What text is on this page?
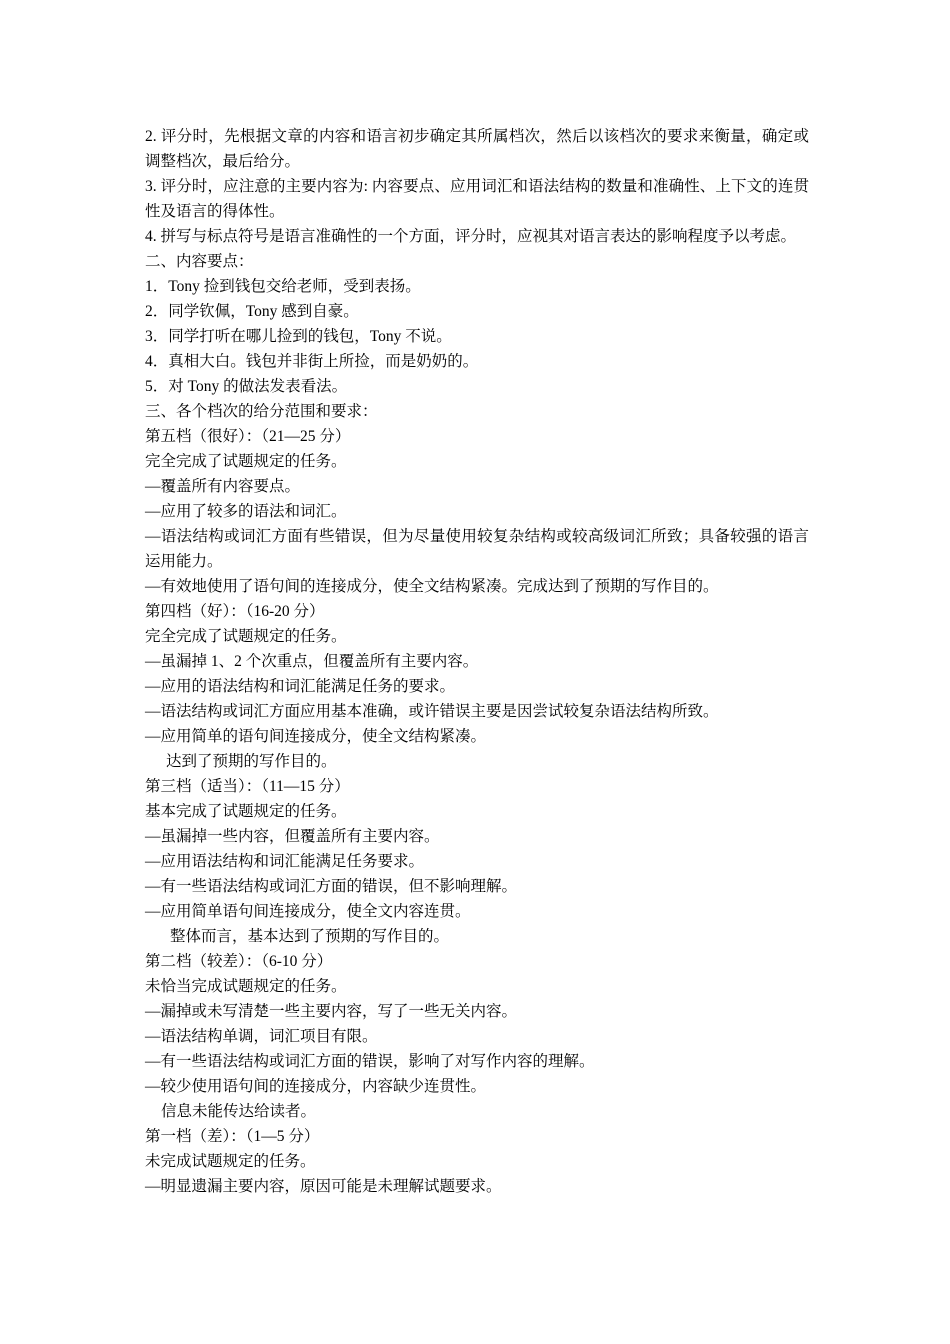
2. 评分时，先根据文章的内容和语言初步确定其所属档次，然后以该档次的要求来衡量，确定或调整档次，最后给分。
3. 评分时，应注意的主要内容为: 内容要点、应用词汇和语法结构的数量和准确性、上下文的连贯性及语言的得体性。
4. 拼写与标点符号是语言准确性的一个方面，评分时，应视其对语言表达的影响程度予以考虑。
二、内容要点：
1．Tony 捡到钱包交给老师，受到表扬。
2．同学钦佩，Tony 感到自豪。
3．同学打听在哪儿捡到的钱包，Tony 不说。
4．真相大白。钱包并非街上所捡，而是奶奶的。
5．对 Tony 的做法发表看法。
三、各个档次的给分范围和要求：
第五档（很好）：（21—25 分）
完全完成了试题规定的任务。
—覆盖所有内容要点。
—应用了较多的语法和词汇。
—语法结构或词汇方面有些错误，但为尽量使用较复杂结构或较高级词汇所致；具备较强的语言运用能力。
—有效地使用了语句间的连接成分，使全文结构紧凑。完成达到了预期的写作目的。
第四档（好）：（16-20 分）
完全完成了试题规定的任务。
—虽漏掉 1、2 个次重点，但覆盖所有主要内容。
—应用的语法结构和词汇能满足任务的要求。
—语法结构或词汇方面应用基本准确，或许错误主要是因尝试较复杂语法结构所致。
—应用简单的语句间连接成分，使全文结构紧凑。
达到了预期的写作目的。
第三档（适当）：（11—15 分）
基本完成了试题规定的任务。
—虽漏掉一些内容，但覆盖所有主要内容。
—应用语法结构和词汇能满足任务要求。
—有一些语法结构或词汇方面的错误，但不影响理解。
—应用简单语句间连接成分，使全文内容连贯。
整体而言，基本达到了预期的写作目的。
第二档（较差）：（6-10 分）
未恰当完成试题规定的任务。
—漏掉或未写清楚一些主要内容，写了一些无关内容。
—语法结构单调，词汇项目有限。
—有一些语法结构或词汇方面的错误，影响了对写作内容的理解。
—较少使用语句间的连接成分，内容缺少连贯性。
信息未能传达给读者。
第一档（差）：（1—5 分）
未完成试题规定的任务。
—明显遗漏主要内容，原因可能是未理解试题要求。
